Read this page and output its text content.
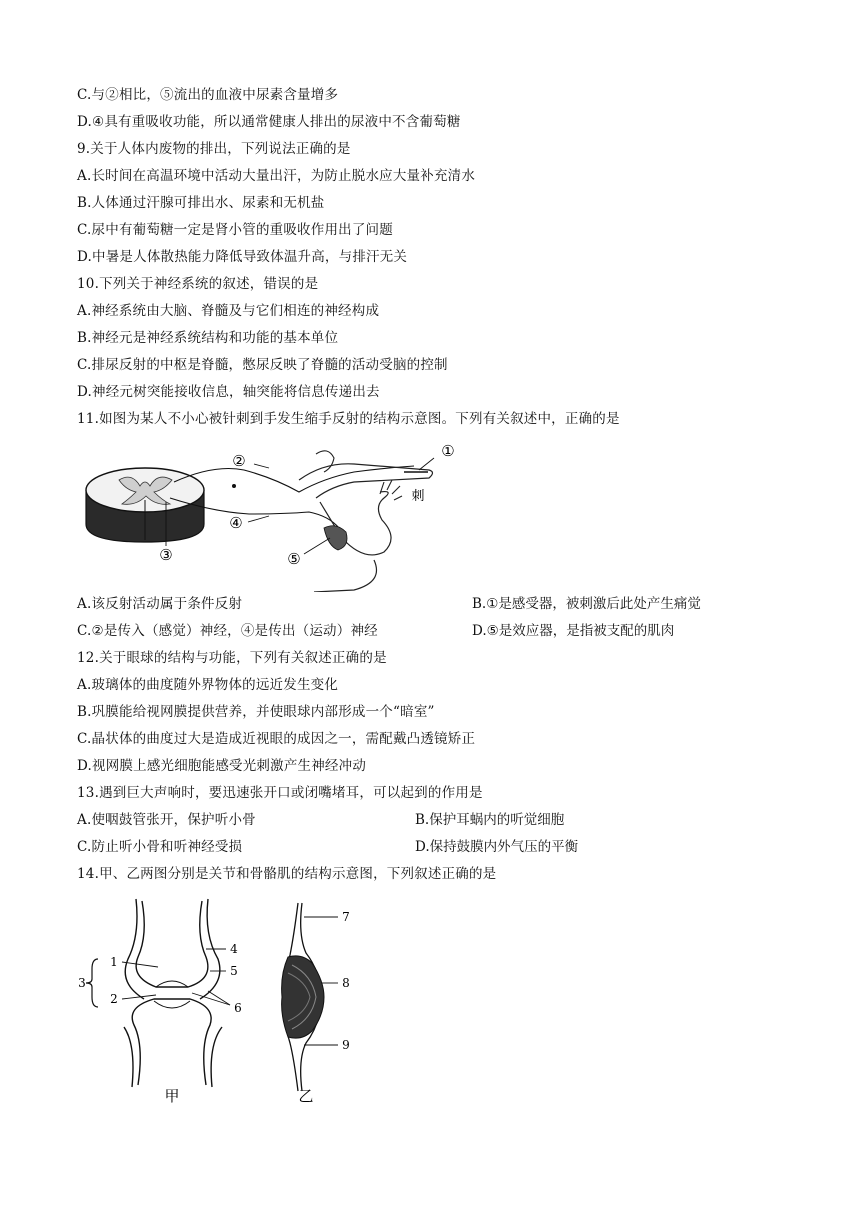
C.与②相比，⑤流出的血液中尿素含量增多
D.④具有重吸收功能，所以通常健康人排出的尿液中不含葡萄糖
9.关于人体内废物的排出，下列说法正确的是
A.长时间在高温环境中活动大量出汗，为防止脱水应大量补充清水
B.人体通过汗腺可排出水、尿素和无机盐
C.尿中有葡萄糖一定是肾小管的重吸收作用出了问题
D.中暑是人体散热能力降低导致体温升高，与排汗无关
10.下列关于神经系统的叙述，错误的是
A.神经系统由大脑、脊髓及与它们相连的神经构成
B.神经元是神经系统结构和功能的基本单位
C.排尿反射的中枢是脊髓，憋尿反映了脊髓的活动受脑的控制
D.神经元树突能接收信息，轴突能将信息传递出去
11.如图为某人不小心被针刺到手发生缩手反射的结构示意图。下列有关叙述中，正确的是
①
②
③
④
⑤
刺
A.该反射活动属于条件反射	B.①是感受器，被刺激后此处产生痛觉
C.②是传入（感觉）神经，④是传出（运动）神经	D.⑤是效应器，是指被支配的肌肉
12.关于眼球的结构与功能，下列有关叙述正确的是
A.玻璃体的曲度随外界物体的远近发生变化
B.巩膜能给视网膜提供营养，并使眼球内部形成一个“暗室”
C.晶状体的曲度过大是造成近视眼的成因之一，需配戴凸透镜矫正
D.视网膜上感光细胞能感受光刺激产生神经冲动
13.遇到巨大声响时，要迅速张开口或闭嘴堵耳，可以起到的作用是
A.使咽鼓管张开，保护听小骨	B.保护耳蜗内的听觉细胞
C.防止听小骨和听神经受损	D.保持鼓膜内外气压的平衡
14.甲、乙两图分别是关节和骨骼肌的结构示意图，下列叙述正确的是
1
2
3
4
5
6
甲
7
8
9
乙
